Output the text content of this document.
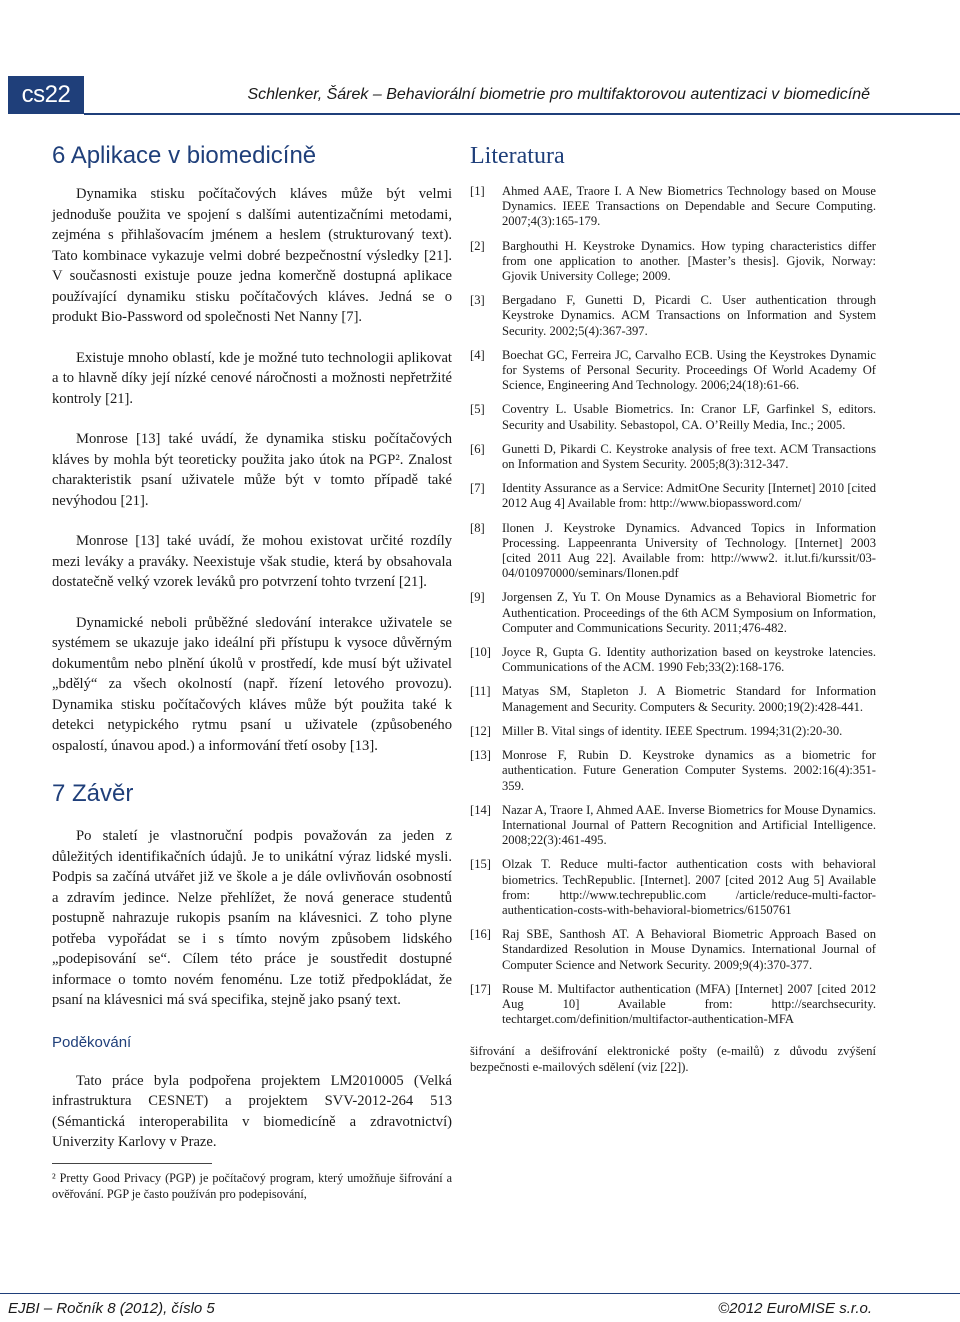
cs22	Schlenker, Šárek – Behaviorální biometrie pro multifaktorovou autentizaci v biomedicíně
6 Aplikace v biomedicíně

Dynamika stisku počítačových kláves může být velmi jednoduše použita ve spojení s dalšími autentizačními metodami, zejména s přihlašovacím jménem a heslem (strukturovaný text). Tato kombinace vykazuje velmi dobré bezpečnostní výsledky [21]. V současnosti existuje pouze jedna komerčně dostupná aplikace používající dynamiku stisku počítačových kláves. Jedná se o produkt Bio-Password od společnosti Net Nanny [7].

Existuje mnoho oblastí, kde je možné tuto technologii aplikovat a to hlavně díky její nízké cenové náročnosti a možnosti nepřetržité kontroly [21].

Monrose [13] také uvádí, že dynamika stisku počítačových kláves by mohla být teoreticky použita jako útok na PGP². Znalost charakteristik psaní uživatele může být v tomto případě také nevýhodou [21].

Monrose [13] také uvádí, že mohou existovat určité rozdíly mezi leváky a praváky. Neexistuje však studie, která by obsahovala dostatečně velký vzorek leváků pro potvrzení tohto tvrzení [21].

Dynamické neboli průběžné sledování interakce uživatele se systémem se ukazuje jako ideální při přístupu k vysoce důvěrným dokumentům nebo plnění úkolů v prostředí, kde musí být uživatel „bdělý“ za všech okolností (např. řízení letového provozu). Dynamika stisku počítačových kláves může být použita také k detekci netypického rytmu psaní u uživatele (způsobeného ospalostí, únavou apod.) a informování třetí osoby [13].

7 Závěr

Po staletí je vlastnoruční podpis považován za jeden z důležitých identifikačních údajů. Je to unikátní výraz lidské mysli. Podpis sa začíná utvářet již ve škole a je dále ovlivňován osobností a zdravím jedince. Nelze přehlížet, že nová generace studentů postupně nahrazuje rukopis psaním na klávesnici. Z toho plyne potřeba vypořádat se i s tímto novým způsobem lidského „podepisování se“. Cílem této práce je soustředit dostupné informace o tomto novém fenoménu. Lze totiž předpokládat, že psaní na klávesnici má svá specifika, stejně jako psaný text.

Poděkování

Tato práce byla podpořena projektem LM2010005 (Velká infrastruktura CESNET) a projektem SVV-2012-264 513 (Sémantická interoperabilita v biomedicíně a zdravotnictví) Univerzity Karlovy v Praze.

² Pretty Good Privacy (PGP) je počítačový program, který umožňuje šifrování a ověřování. PGP je často používán pro podepisování,

Literatura
[1]	Ahmed AAE, Traore I. A New Biometrics Technology based on Mouse Dynamics. IEEE Transactions on Dependable and Secure Computing. 2007;4(3):165-179.
[2]	Barghouthi H. Keystroke Dynamics. How typing characteristics differ from one application to another. [Master’s thesis]. Gjovik, Norway: Gjovik University College; 2009.
[3]	Bergadano F, Gunetti D, Picardi C. User authentication through Keystroke Dynamics. ACM Transactions on Information and System Security. 2002;5(4):367-397.
[4]	Boechat GC, Ferreira JC, Carvalho ECB. Using the Keystrokes Dynamic for Systems of Personal Security. Proceedings Of World Academy Of Science, Engineering And Technology. 2006;24(18):61-66.
[5]	Coventry L. Usable Biometrics. In: Cranor LF, Garfinkel S, editors. Security and Usability. Sebastopol, CA. O’Reilly Media, Inc.; 2005.
[6]	Gunetti D, Pikardi C. Keystroke analysis of free text. ACM Transactions on Information and System Security. 2005;8(3):312-347.
[7]	Identity Assurance as a Service: AdmitOne Security [Internet] 2010 [cited 2012 Aug 4] Available from: http://www.biopassword.com/
[8]	Ilonen J. Keystroke Dynamics. Advanced Topics in Information Processing. Lappeenranta University of Technology. [Internet] 2003 [cited 2011 Aug 22]. Available from: http://www2. it.lut.fi/kurssit/03-04/010970000/seminars/Ilonen.pdf
[9]	Jorgensen Z, Yu T. On Mouse Dynamics as a Behavioral Biometric for Authentication. Proceedings of the 6th ACM Symposium on Information, Computer and Communications Security. 2011;476-482.
[10] Joyce R, Gupta G. Identity authorization based on keystroke latencies. Communications of the ACM. 1990 Feb;33(2):168-176.
[11] Matyas SM, Stapleton J. A Biometric Standard for Information Management and Security. Computers & Security. 2000;19(2):428-441.
[12] Miller B. Vital sings of identity. IEEE Spectrum. 1994;31(2):20-30.
[13] Monrose F, Rubin D. Keystroke dynamics as a biometric for authentication. Future Generation Computer Systems. 2002:16(4):351-359.
[14] Nazar A, Traore I, Ahmed AAE. Inverse Biometrics for Mouse Dynamics. International Journal of Pattern Recognition and Artificial Intelligence. 2008;22(3):461-495.
[15] Olzak T. Reduce multi-factor authentication costs with behavioral biometrics. TechRepublic. [Internet]. 2007 [cited 2012 Aug 5] Available from: http://www.techrepublic.com /article/reduce-multi-factor-authentication-costs-with-behavioral-biometrics/6150761
[16] Raj SBE, Santhosh AT. A Behavioral Biometric Approach Based on Standardized Resolution in Mouse Dynamics. International Journal of Computer Science and Network Security. 2009;9(4):370-377.
[17] Rouse M. Multifactor authentication (MFA) [Internet] 2007 [cited 2012 Aug 10] Available from: http://searchsecurity. techtarget.com/definition/multifactor-authentication-MFA

šifrování a dešifrování elektronické pošty (e-mailů) z důvodu zvýšení bezpečnosti e-mailových sdělení (viz [22]).

EJBI – Ročník 8 (2012), číslo 5	©2012 EuroMISE s.r.o.
